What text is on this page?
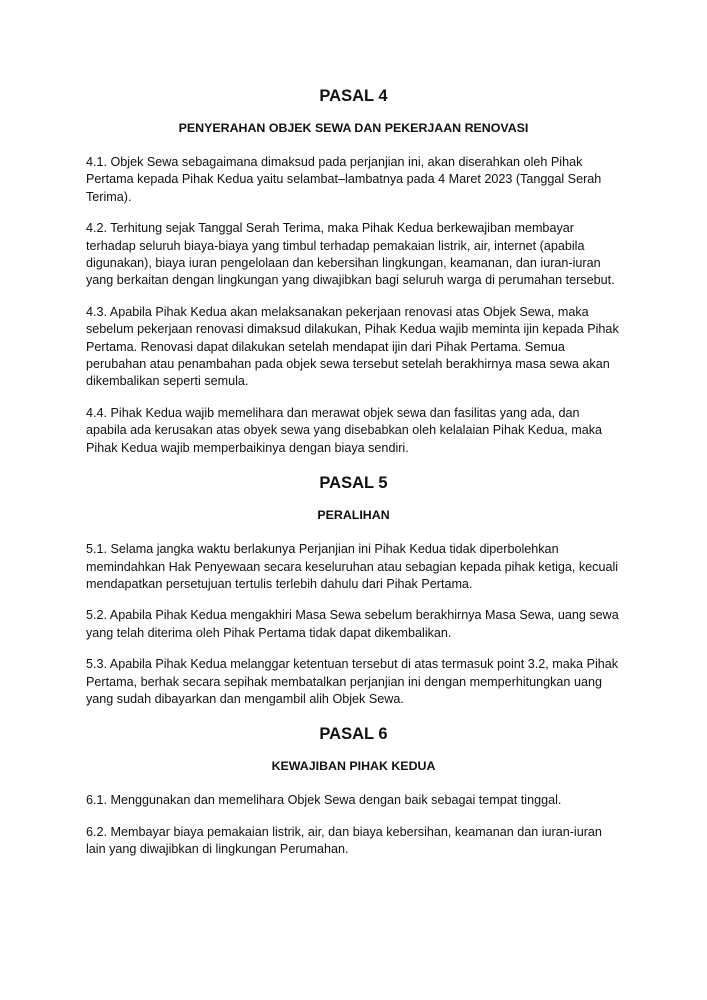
PASAL 4
PENYERAHAN OBJEK SEWA DAN PEKERJAAN RENOVASI

4.1. Objek Sewa sebagaimana dimaksud pada perjanjian ini, akan diserahkan oleh Pihak Pertama kepada Pihak Kedua yaitu selambat–lambatnya pada 4 Maret 2023 (Tanggal Serah Terima).

4.2. Terhitung sejak Tanggal Serah Terima, maka Pihak Kedua berkewajiban membayar terhadap seluruh biaya-biaya yang timbul terhadap pemakaian listrik, air, internet (apabila digunakan), biaya iuran pengelolaan dan kebersihan lingkungan, keamanan, dan iuran-iuran yang berkaitan dengan lingkungan yang diwajibkan bagi seluruh warga di perumahan tersebut.

4.3. Apabila Pihak Kedua akan melaksanakan pekerjaan renovasi atas Objek Sewa, maka sebelum pekerjaan renovasi dimaksud dilakukan, Pihak Kedua wajib meminta ijin kepada Pihak Pertama. Renovasi dapat dilakukan setelah mendapat ijin dari Pihak Pertama. Semua perubahan atau penambahan pada objek sewa tersebut setelah berakhirnya masa sewa akan dikembalikan seperti semula.

4.4. Pihak Kedua wajib memelihara dan merawat objek sewa dan fasilitas yang ada, dan apabila ada kerusakan atas obyek sewa yang disebabkan oleh kelalaian Pihak Kedua, maka Pihak Kedua wajib memperbaikinya dengan biaya sendiri.

PASAL 5
PERALIHAN

5.1. Selama jangka waktu berlakunya Perjanjian ini Pihak Kedua tidak diperbolehkan memindahkan Hak Penyewaan secara keseluruhan atau sebagian kepada pihak ketiga, kecuali mendapatkan persetujuan tertulis terlebih dahulu dari Pihak Pertama.

5.2. Apabila Pihak Kedua mengakhiri Masa Sewa sebelum berakhirnya Masa Sewa, uang sewa yang telah diterima oleh Pihak Pertama tidak dapat dikembalikan.

5.3. Apabila Pihak Kedua melanggar ketentuan tersebut di atas termasuk point 3.2, maka Pihak Pertama, berhak secara sepihak membatalkan perjanjian ini dengan memperhitungkan uang yang sudah dibayarkan dan mengambil alih Objek Sewa.

PASAL 6
KEWAJIBAN PIHAK KEDUA

6.1. Menggunakan dan memelihara Objek Sewa dengan baik sebagai tempat tinggal.

6.2. Membayar biaya pemakaian listrik, air, dan biaya kebersihan, keamanan dan iuran-iuran lain yang diwajibkan di lingkungan Perumahan.
